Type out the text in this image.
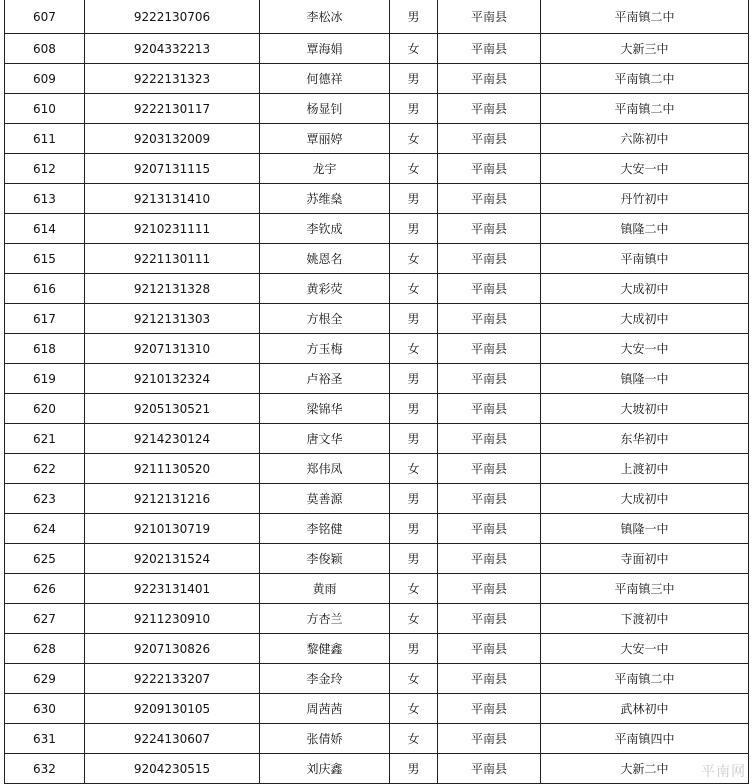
607	9222130706	李松冰	男	平南县	平南镇二中
608	9204332213	覃海娟	女	平南县	大新三中
609	9222131323	何德祥	男	平南县	平南镇二中
610	9222130117	杨显钊	男	平南县	平南镇二中
611	9203132009	覃丽婷	女	平南县	六陈初中
612	9207131115	龙宇	女	平南县	大安一中
613	9213131410	苏维燊	男	平南县	丹竹初中
614	9210231111	李钦成	男	平南县	镇隆二中
615	9221130111	姚恩名	女	平南县	平南镇中
616	9212131328	黄彩荧	女	平南县	大成初中
617	9212131303	方根全	男	平南县	大成初中
618	9207131310	方玉梅	女	平南县	大安一中
619	9210132324	卢裕圣	男	平南县	镇隆一中
620	9205130521	梁锦华	男	平南县	大坡初中
621	9214230124	唐文华	男	平南县	东华初中
622	9211130520	郑伟凤	女	平南县	上渡初中
623	9212131216	莫善源	男	平南县	大成初中
624	9210130719	李铭健	男	平南县	镇隆一中
625	9202131524	李俊颖	男	平南县	寺面初中
626	9223131401	黄雨	女	平南县	平南镇三中
627	9211230910	方杏兰	女	平南县	下渡初中
628	9207130826	黎健鑫	男	平南县	大安一中
629	9222133207	李金玲	女	平南县	平南镇二中
630	9209130105	周茜茜	女	平南县	武林初中
631	9224130607	张倩娇	女	平南县	平南镇四中
632	9204230515	刘庆鑫	男	平南县	大新二中 平南网
